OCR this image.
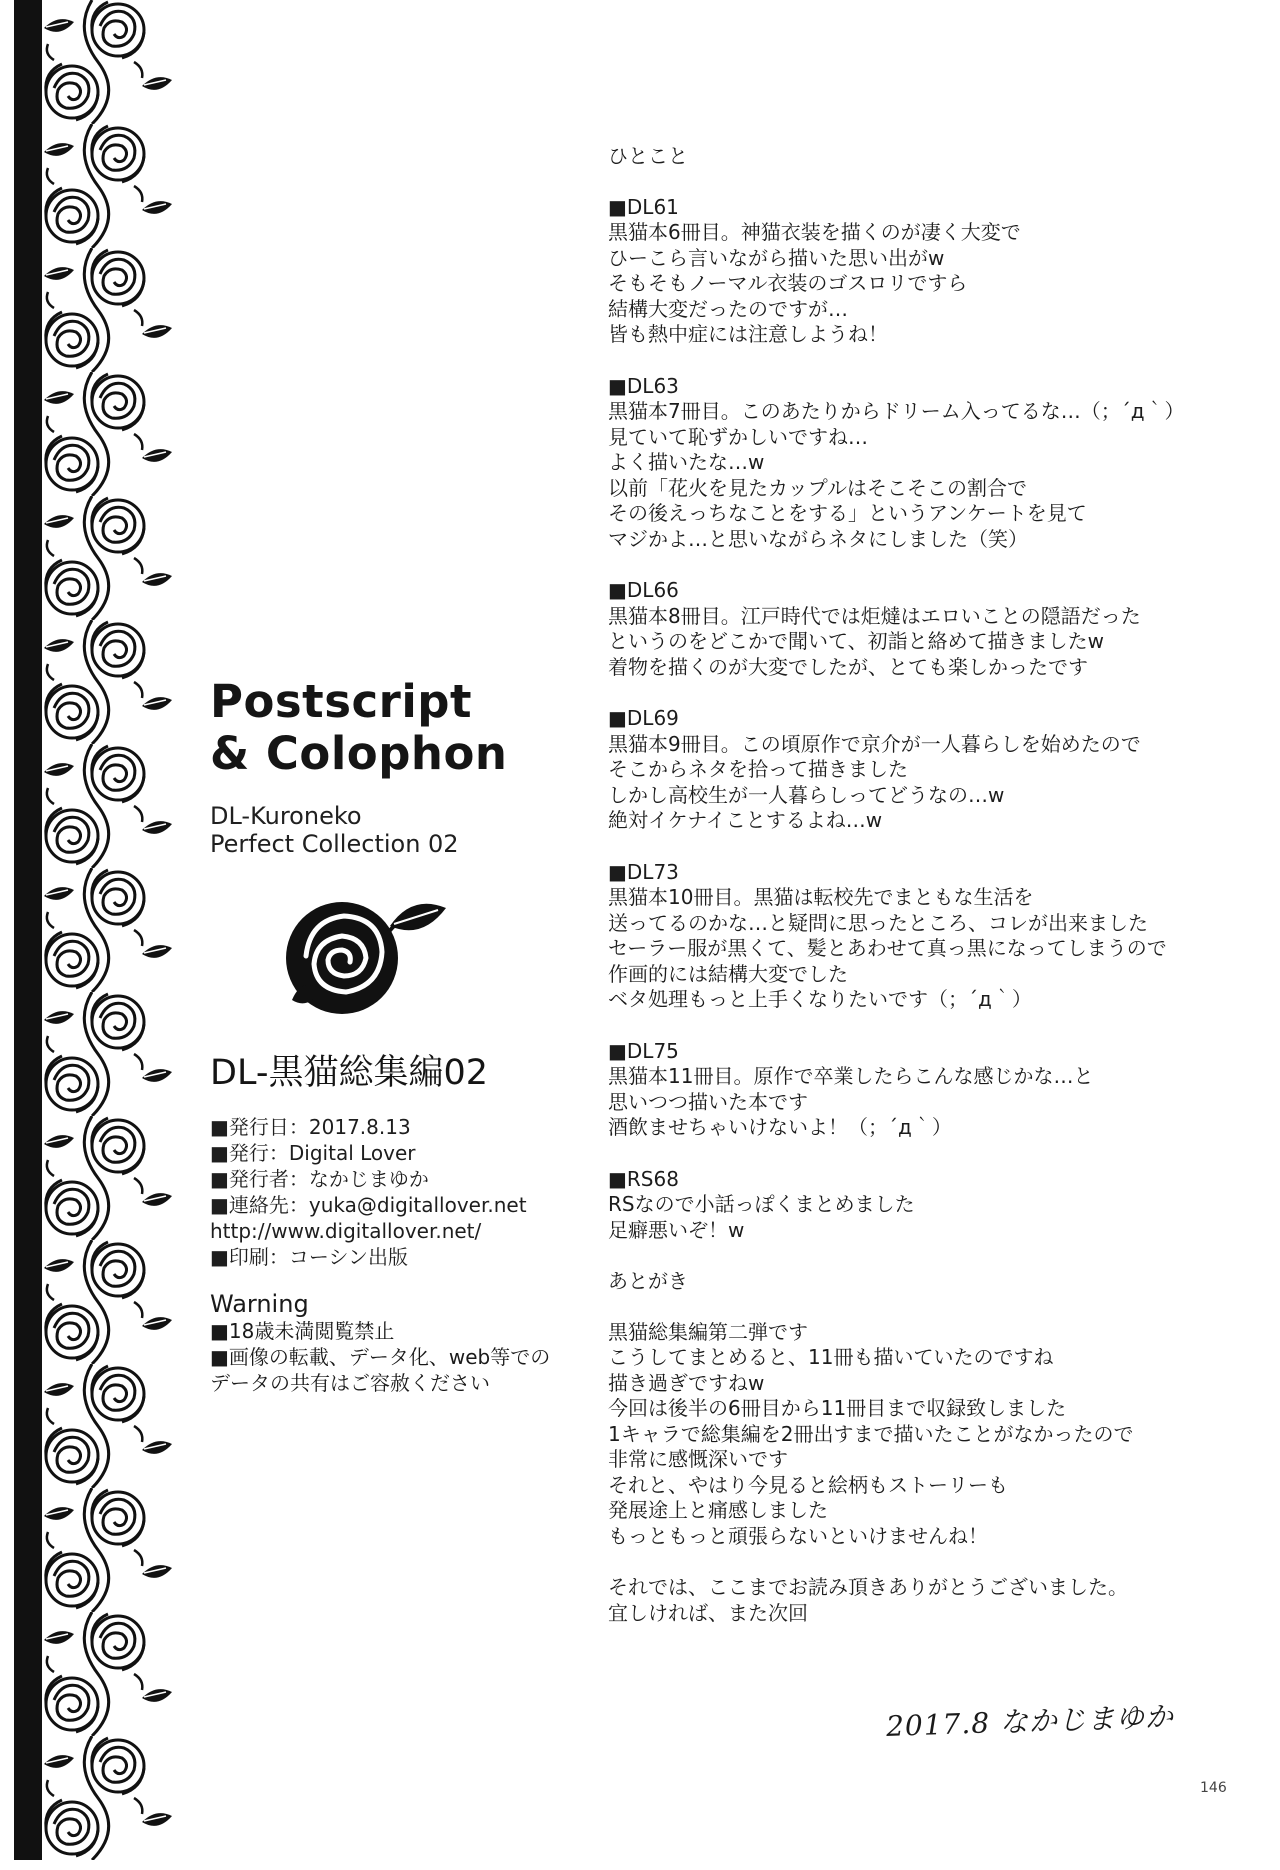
Postscript
& Colophon
DL-Kuroneko
Perfect Collection 02
DL-黒猫総集編02
■発行日：2017.8.13
■発行：Digital Lover
■発行者：なかじまゆか
■連絡先：yuka@digitallover.net
http://www.digitallover.net/
■印刷：コーシン出版
Warning
■18歳未満閲覧禁止
■画像の転載、データ化、web等での
データの共有はご容赦ください
ひとこと
■DL61
黒猫本6冊目。神猫衣装を描くのが凄く大変で
ひーこら言いながら描いた思い出がw
そもそもノーマル衣装のゴスロリですら
結構大変だったのですが…
皆も熱中症には注意しようね！
■DL63
黒猫本7冊目。このあたりからドリーム入ってるな…（；´д｀）
見ていて恥ずかしいですね…
よく描いたな…w
以前「花火を見たカップルはそこそこの割合で
その後えっちなことをする」というアンケートを見て
マジかよ…と思いながらネタにしました（笑）
■DL66
黒猫本8冊目。江戸時代では炬燵はエロいことの隠語だった
というのをどこかで聞いて、初詣と絡めて描きましたw
着物を描くのが大変でしたが、とても楽しかったです
■DL69
黒猫本9冊目。この頃原作で京介が一人暮らしを始めたので
そこからネタを拾って描きました
しかし高校生が一人暮らしってどうなの…w
絶対イケナイことするよね…w
■DL73
黒猫本10冊目。黒猫は転校先でまともな生活を
送ってるのかな…と疑問に思ったところ、コレが出来ました
セーラー服が黒くて、髪とあわせて真っ黒になってしまうので
作画的には結構大変でした
ベタ処理もっと上手くなりたいです（；´д｀）
■DL75
黒猫本11冊目。原作で卒業したらこんな感じかな…と
思いつつ描いた本です
酒飲ませちゃいけないよ！（；´д｀）
■RS68
RSなので小話っぽくまとめました
足癖悪いぞ！w
あとがき
黒猫総集編第二弾です
こうしてまとめると、11冊も描いていたのですね
描き過ぎですねw
今回は後半の6冊目から11冊目まで収録致しました
1キャラで総集編を2冊出すまで描いたことがなかったので
非常に感慨深いです
それと、やはり今見ると絵柄もストーリーも
発展途上と痛感しました
もっともっと頑張らないといけませんね！
それでは、ここまでお読み頂きありがとうございました。
宜しければ、また次回
2017.8 なかじまゆか
146
